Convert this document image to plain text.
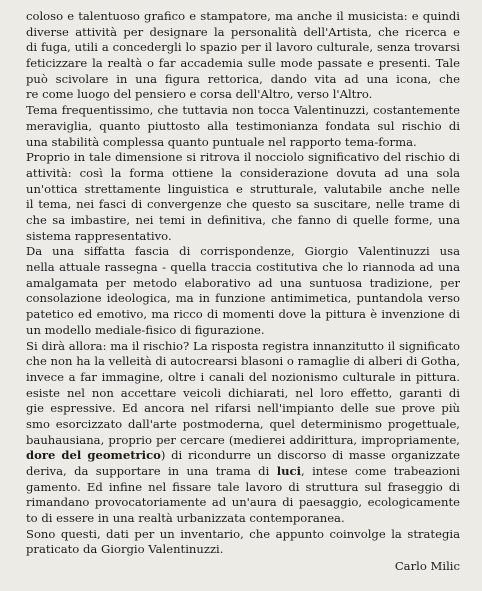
coloso e talentuoso grafico e stampatore, ma anche il musicista: e quindi
diverse attività per designare la personalità dell'Artista, che ricerca e
di fuga, utili a concedergli lo spazio per il lavoro culturale, senza trovarsi
feticizzare la realtà o far accademia sulle mode passate e presenti. Tale
può scivolare in una figura rettorica, dando vita ad una icona, che
re come luogo del pensiero e corsa dell'Altro, verso l'Altro.
Tema frequentissimo, che tuttavia non tocca Valentinuzzi, costantemente
meraviglia, quanto piuttosto alla testimonianza fondata sul rischio di
una stabilità complessa quanto puntuale nel rapporto tema-forma.
Proprio in tale dimensione si ritrova il nocciolo significativo del rischio di
attività: così la forma ottiene la considerazione dovuta ad una sola
un'ottica strettamente linguistica e strutturale, valutabile anche nelle
il tema, nei fasci di convergenze che questo sa suscitare, nelle trame di
che sa imbastire, nei temi in definitiva, che fanno di quelle forme, una
sistema rappresentativo.
Da una siffatta fascia di corrispondenze, Giorgio Valentinuzzi usa
nella attuale rassegna - quella traccia costitutiva che lo riannoda ad una
amalgamata per metodo elaborativo ad una suntuosa tradizione, per
consolazione ideologica, ma in funzione antimimetica, puntandola verso
patetico ed emotivo, ma ricco di momenti dove la pittura è invenzione di
un modello mediale-fisico di figurazione.
Si dirà allora: ma il rischio? La risposta registra innanzitutto il significato
che non ha la velleità di autocrearsi blasoni o ramaglie di alberi di Gotha,
invece a far immagine, oltre i canali del nozionismo culturale in pittura.
esiste nel non accettare veicoli dichiarati, nel loro effetto, garanti di
gie espressive. Ed ancora nel rifarsi nell'impianto delle sue prove più
smo esorcizzato dall'arte postmoderna, quel determinismo progettuale,
bauhausiana, proprio per cercare (medierei addirittura, impropriamente,
dore del geometrico) di ricondurre un discorso di masse organizzate
deriva, da supportare in una trama di luci, intese come trabeazioni
gamento. Ed infine nel fissare tale lavoro di struttura sul fraseggio di
rimandano provocatoriamente ad un'aura di paesaggio, ecologicamente
to di essere in una realtà urbanizzata contemporanea.
Sono questi, dati per un inventario, che appunto coinvolge la strategia
praticato da Giorgio Valentinuzzi.
Carlo Milic
